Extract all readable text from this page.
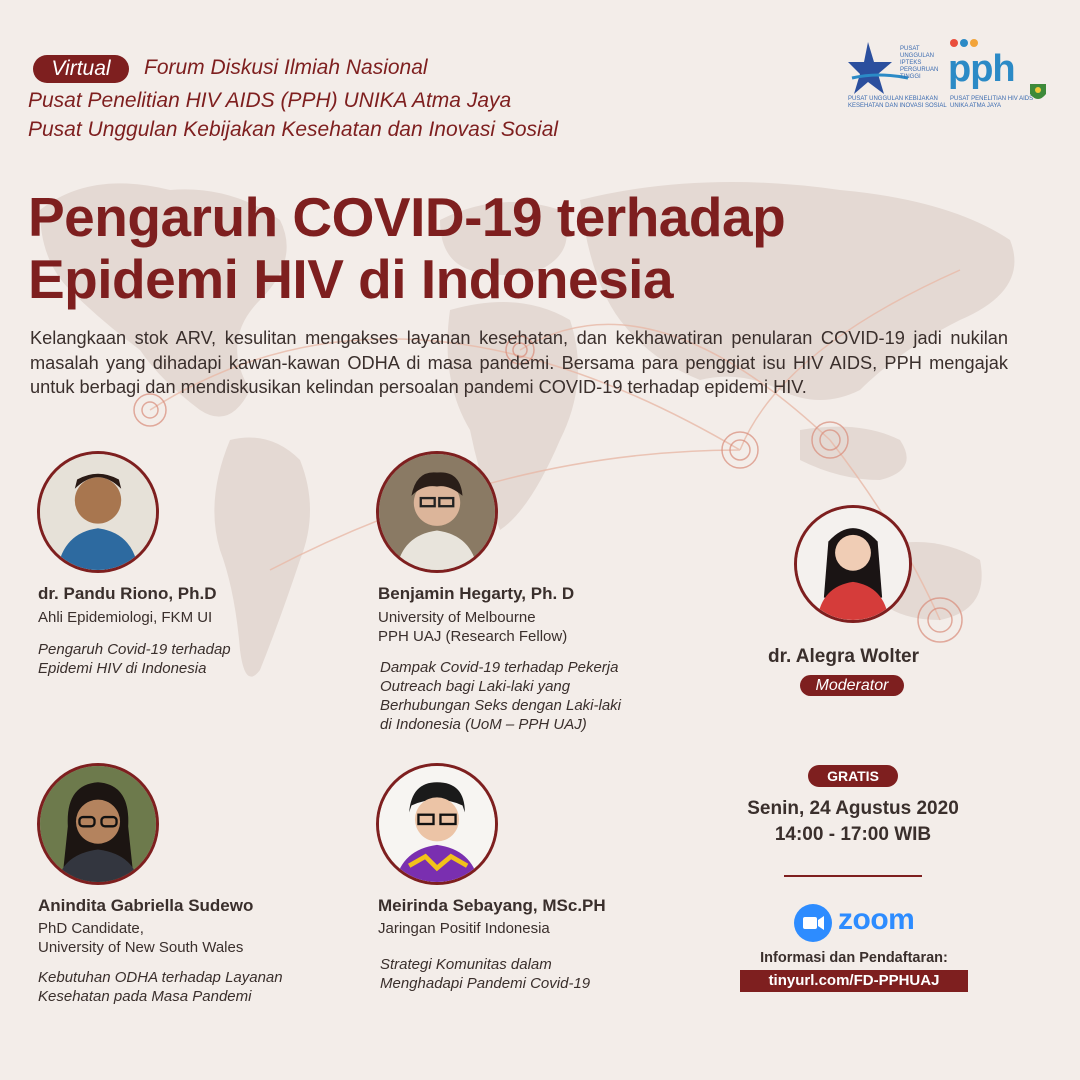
Virtual	Forum Diskusi Ilmiah Nasional
Pusat Penelitian HIV AIDS (PPH) UNIKA Atma Jaya
Pusat Unggulan Kebijakan Kesehatan dan Inovasi Sosial
PUSAT
UNGGULAN
IPTEKS
PERGURUAN
TINGGI
PUSAT UNGGULAN KEBIJAKAN
KESEHATAN DAN INOVASI SOSIAL
pph
PUSAT PENELITIAN HIV AIDS
UNIKA ATMA JAYA
Pengaruh COVID-19 terhadap
Epidemi HIV di Indonesia

Kelangkaan stok ARV, kesulitan mengakses layanan kesehatan, dan kekhawatiran penularan COVID-19 jadi nukilan masalah yang dihadapi kawan-kawan ODHA di masa pandemi. Bersama para penggiat isu HIV AIDS, PPH mengajak untuk berbagi dan mendiskusikan kelindan persoalan pandemi COVID-19 terhadap epidemi HIV.

dr. Pandu Riono, Ph.D
Ahli Epidemiologi, FKM UI
Pengaruh Covid-19 terhadap
Epidemi HIV di Indonesia
Benjamin Hegarty, Ph. D
University of Melbourne
PPH UAJ (Research Fellow)
Dampak Covid-19 terhadap Pekerja
Outreach bagi Laki-laki yang
Berhubungan Seks dengan Laki-laki
di Indonesia (UoM – PPH UAJ)
dr. Alegra Wolter
Moderator
Anindita Gabriella Sudewo
PhD Candidate,
University of New South Wales
Kebutuhan ODHA terhadap Layanan
Kesehatan pada Masa Pandemi
Meirinda Sebayang, MSc.PH
Jaringan Positif Indonesia
Strategi Komunitas dalam
Menghadapi Pandemi Covid-19
GRATIS
Senin, 24 Agustus 2020
14:00 - 17:00 WIB
zoom
Informasi dan Pendaftaran:
tinyurl.com/FD-PPHUAJ
